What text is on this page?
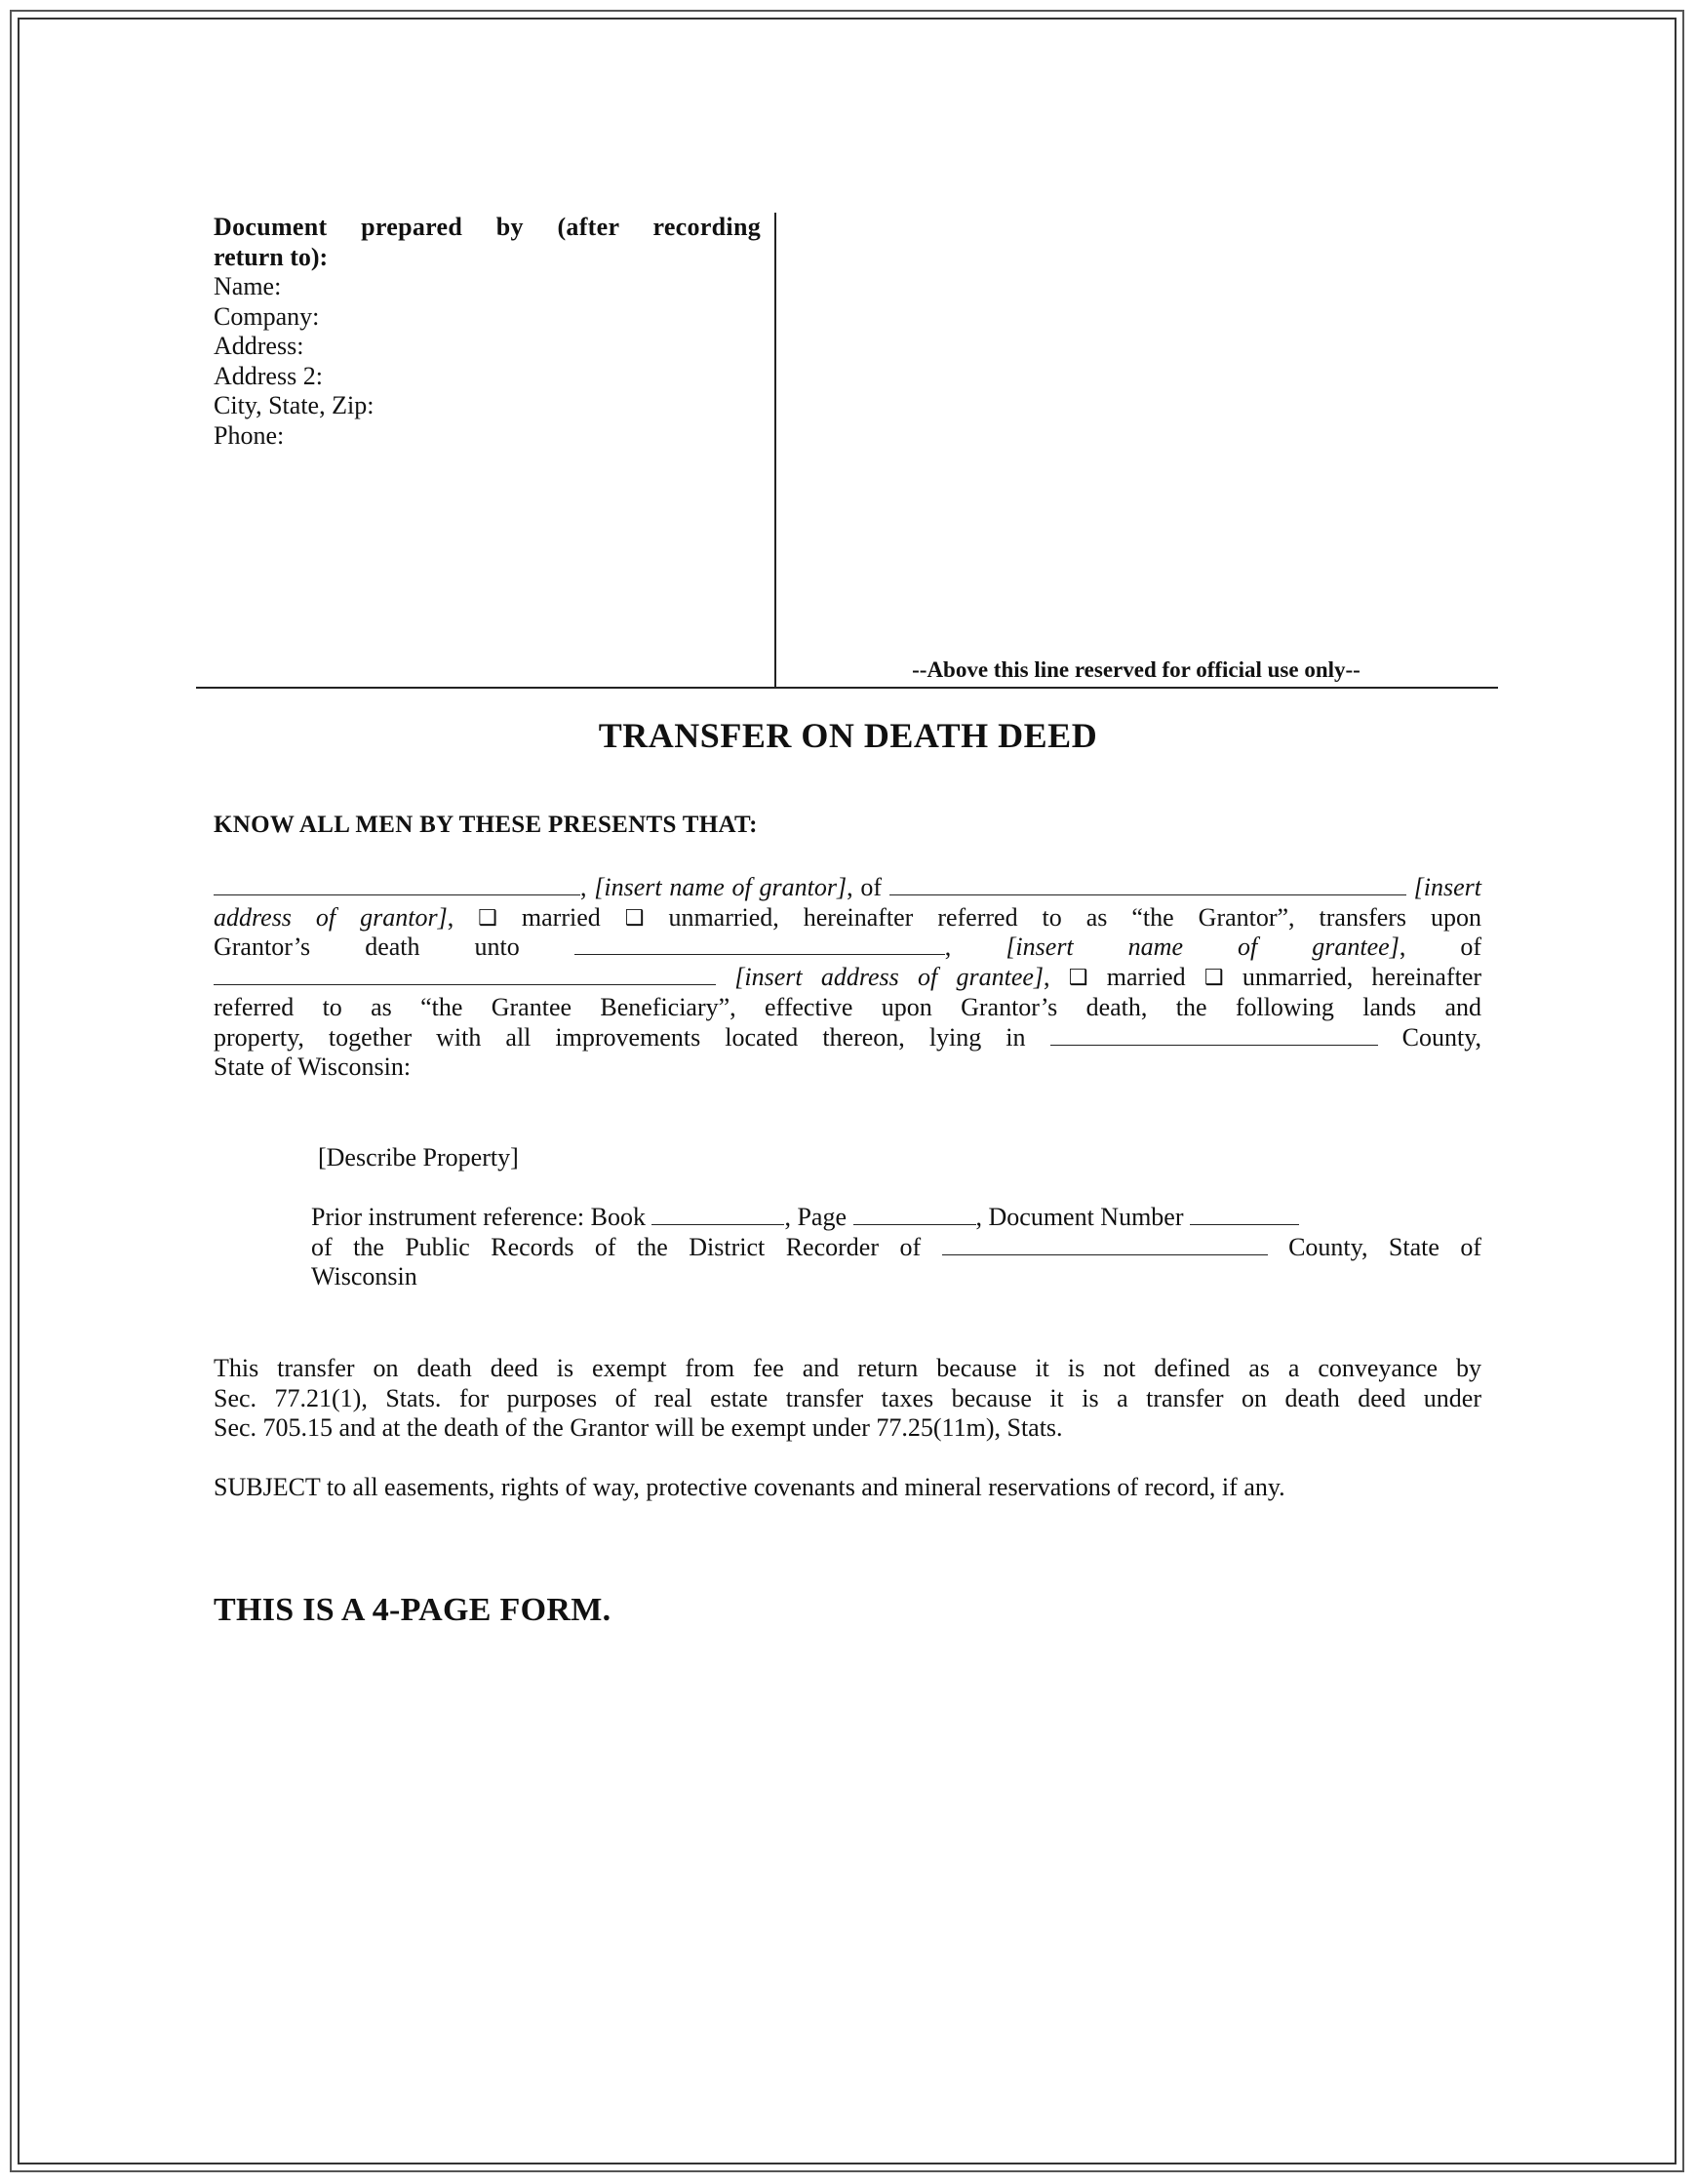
Document prepared by (after recording
return to):
Name:
Company:
Address:
Address 2:
City, State, Zip:
Phone:
--Above this line reserved for official use only--
TRANSFER ON DEATH DEED
KNOW ALL MEN BY THESE PRESENTS THAT:
, [insert name of grantor], of	[insert
address of grantor], ❑ married ❑ unmarried, hereinafter referred to as “the Grantor”, transfers upon
Grantor’s death unto	, [insert name of grantee], of
[insert address of grantee], ❑ married ❑ unmarried, hereinafter
referred to as “the Grantee Beneficiary”, effective upon Grantor’s death, the following lands and
property, together with all improvements located thereon, lying in	County,
State of Wisconsin:
[Describe Property]
Prior instrument reference: Book	, Page	, Document Number
of the Public Records of the District Recorder of	County, State of
Wisconsin
This transfer on death deed is exempt from fee and return because it is not defined as a conveyance by
Sec. 77.21(1), Stats. for purposes of real estate transfer taxes because it is a transfer on death deed under
Sec. 705.15 and at the death of the Grantor will be exempt under 77.25(11m), Stats.
SUBJECT to all easements, rights of way, protective covenants and mineral reservations of record, if any.
THIS IS A 4-PAGE FORM.
